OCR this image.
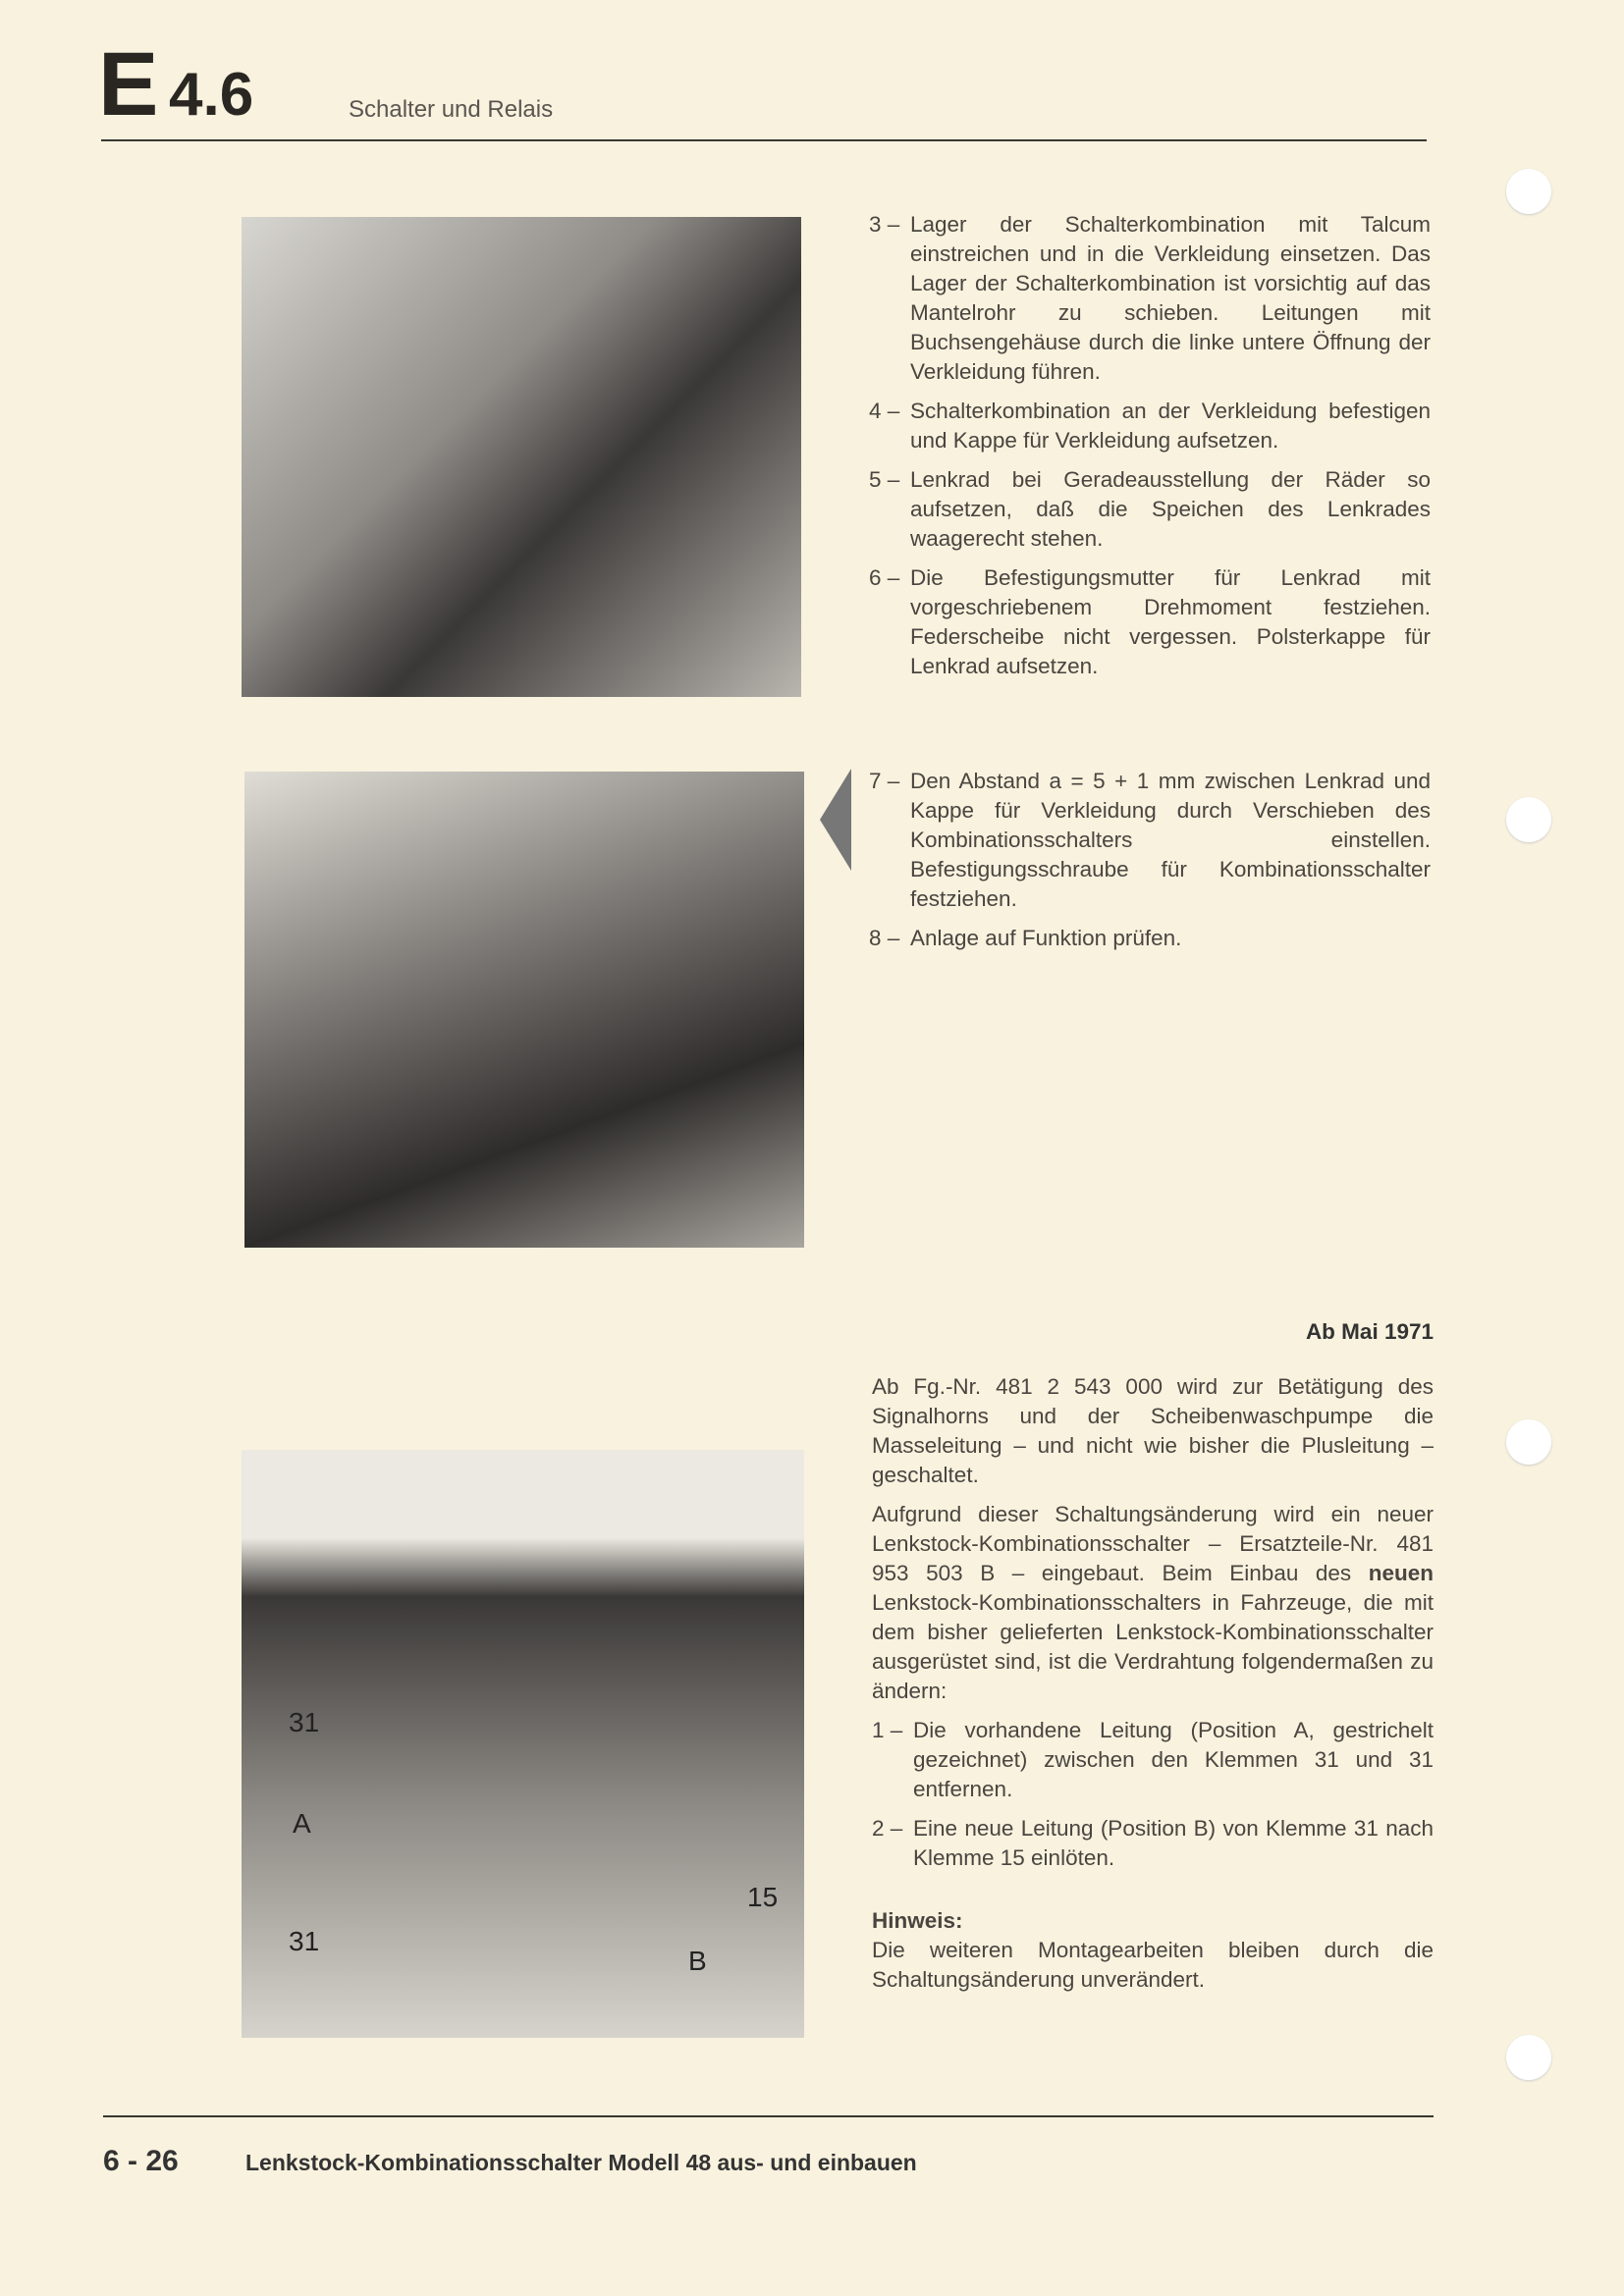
E 4.6	Schalter und Relais
31
A
31
15
B
3 – Lager der Schalterkombination mit Talcum einstreichen und in die Verkleidung einsetzen. Das Lager der Schalterkombination ist vorsichtig auf das Mantelrohr zu schieben. Leitungen mit Buchsengehäuse durch die linke untere Öffnung der Verkleidung führen.
4 – Schalterkombination an der Verkleidung befestigen und Kappe für Verkleidung aufsetzen.
5 – Lenkrad bei Geradeausstellung der Räder so aufsetzen, daß die Speichen des Lenkrades waagerecht stehen.
6 – Die Befestigungsmutter für Lenkrad mit vorgeschriebenem Drehmoment festziehen. Federscheibe nicht vergessen. Polsterkappe für Lenkrad aufsetzen.
7 – Den Abstand a = 5 + 1 mm zwischen Lenkrad und Kappe für Verkleidung durch Verschieben des Kombinationsschalters einstellen. Befestigungsschraube für Kombinationsschalter festziehen.
8 – Anlage auf Funktion prüfen.
Ab Mai 1971

Ab Fg.-Nr. 481 2 543 000 wird zur Betätigung des Signalhorns und der Scheibenwaschpumpe die Masseleitung – und nicht wie bisher die Plusleitung – geschaltet.

Aufgrund dieser Schaltungsänderung wird ein neuer Lenkstock-Kombinationsschalter – Ersatzteile-Nr. 481 953 503 B – eingebaut. Beim Einbau des neuen Lenkstock-Kombinationsschalters in Fahrzeuge, die mit dem bisher gelieferten Lenkstock-Kombinationsschalter ausgerüstet sind, ist die Verdrahtung folgendermaßen zu ändern:

1 – Die vorhandene Leitung (Position A, gestrichelt gezeichnet) zwischen den Klemmen 31 und 31 entfernen.
2 – Eine neue Leitung (Position B) von Klemme 31 nach Klemme 15 einlöten.
Hinweis:
Die weiteren Montagearbeiten bleiben durch die Schaltungsänderung unverändert.
6 - 26	Lenkstock-Kombinationsschalter Modell 48 aus- und einbauen
